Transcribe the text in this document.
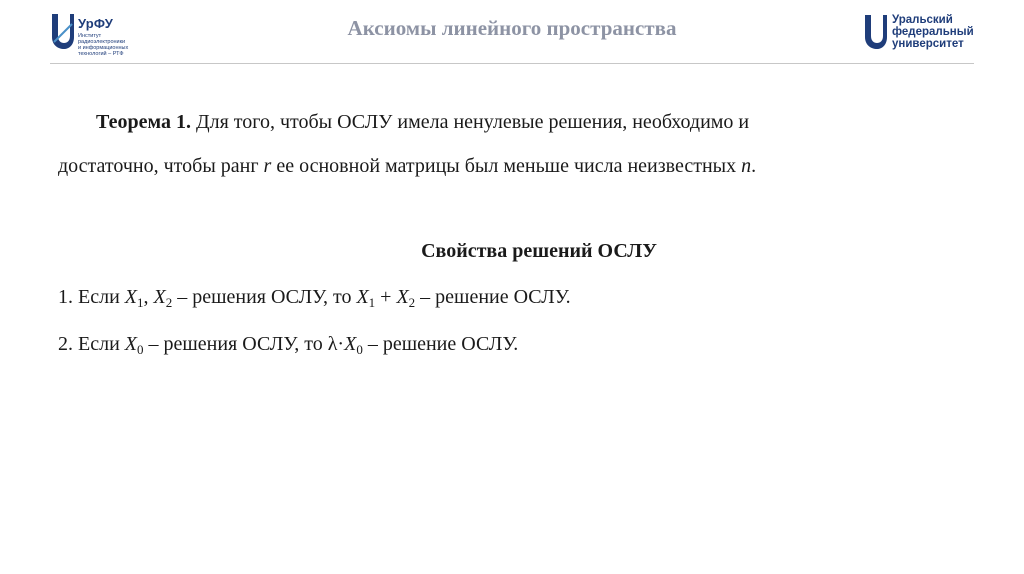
УрФУ
Институт
радиоэлектроники
и информационных
технологий – РТФ
Аксиомы линейного пространства	Уральский
федеральный
университет
Теорема 1. Для того, чтобы ОСЛУ имела ненулевые решения, необходимо и
достаточно, чтобы ранг r ее основной матрицы был меньше числа неизвестных n.
Свойства решений ОСЛУ
1. Если $X_1$, $X_2$ – решения ОСЛУ, то $X_1 + X_2$ – решение ОСЛУ.
2. Если $X_0$ – решения ОСЛУ, то $\lambda\cdot X_0$ – решение ОСЛУ.
